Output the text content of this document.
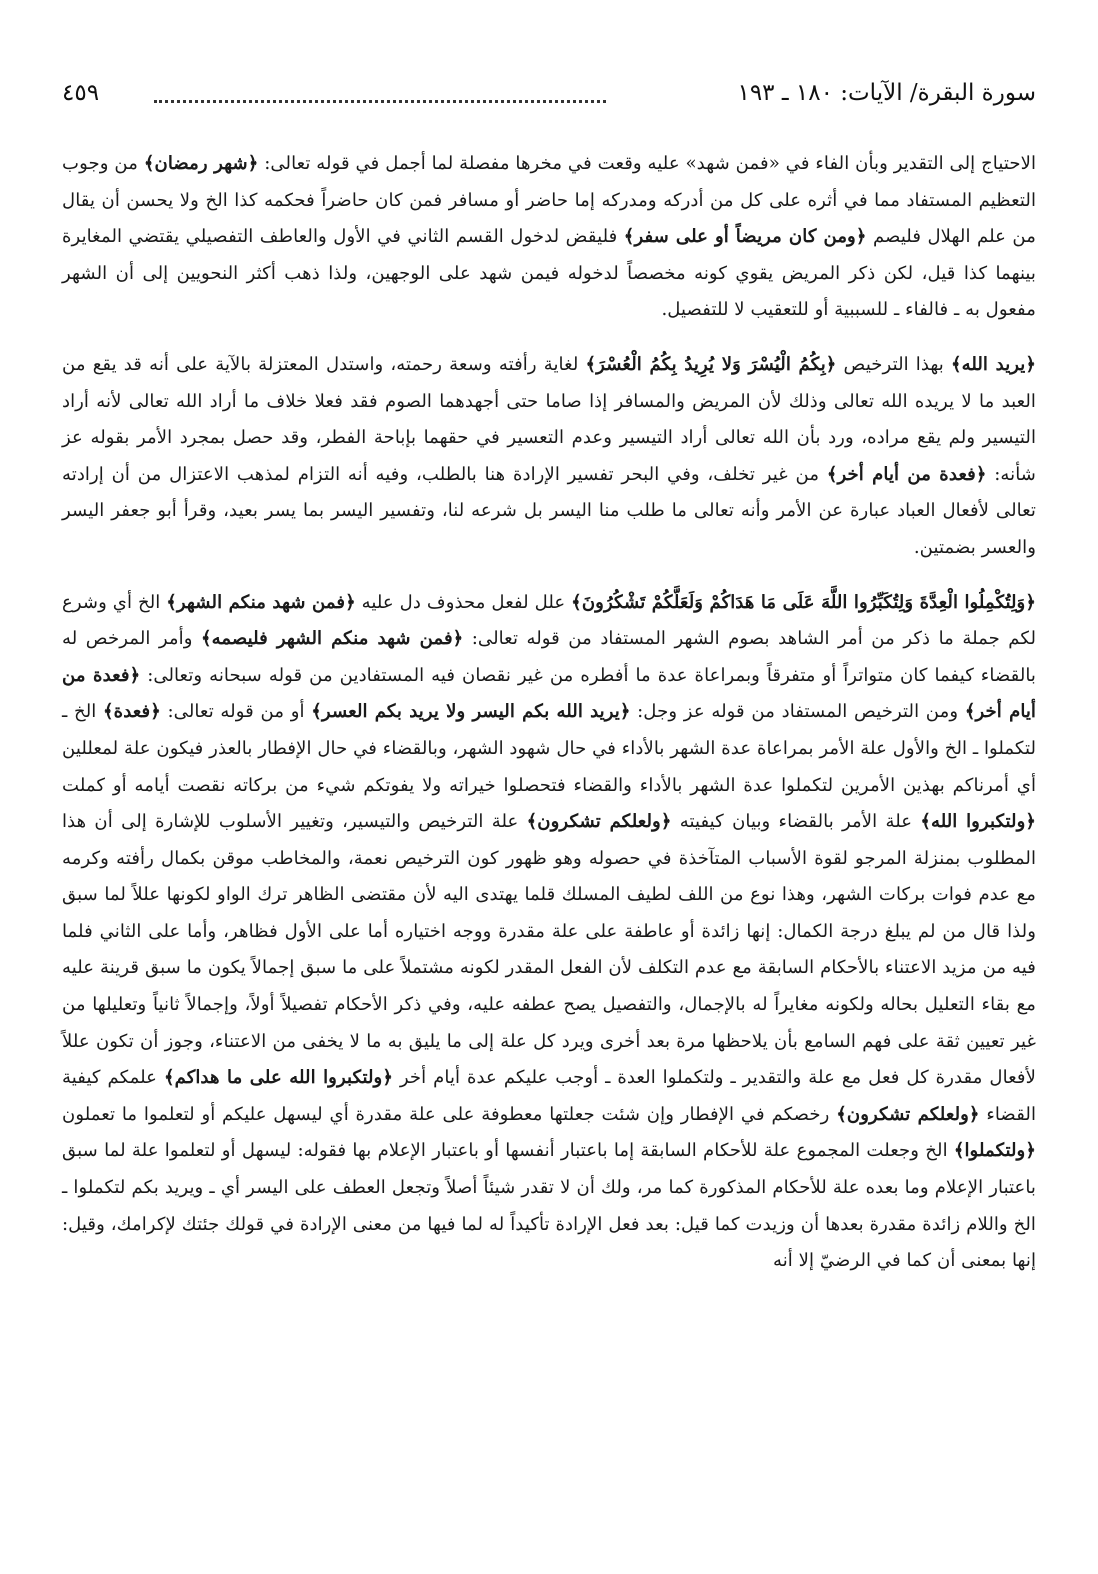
سورة البقرة/ الآيات: ١٨٠ ـ ١٩٣
٤٥٩

الاحتياج إلى التقدير وبأن الفاء في «فمن شهد» عليه وقعت في مخرها مفصلة لما أجمل في قوله تعالى: ﴿شهر رمضان﴾ من وجوب التعظيم المستفاد مما في أثره على كل من أدركه ومدركه إما حاضر أو مسافر فمن كان حاضراً فحكمه كذا الخ ولا يحسن أن يقال من علم الهلال فليصم ﴿ومن كان مريضاً أو على سفر﴾ فليقض لدخول القسم الثاني في الأول والعاطف التفصيلي يقتضي المغايرة بينهما كذا قيل، لكن ذكر المريض يقوي كونه مخصصاً لدخوله فيمن شهد على الوجهين، ولذا ذهب أكثر النحويين إلى أن الشهر مفعول به ـ فالفاء ـ للسببية أو للتعقيب لا للتفصيل.

﴿يريد الله﴾ بهذا الترخيص ﴿بِكُمُ الْيُسْرَ وَلا يُرِيدُ بِكُمُ الْعُسْرَ﴾ لغاية رأفته وسعة رحمته، واستدل المعتزلة بالآية على أنه قد يقع من العبد ما لا يريده الله تعالى وذلك لأن المريض والمسافر إذا صاما حتى أجهدهما الصوم فقد فعلا خلاف ما أراد الله تعالى لأنه أراد التيسير ولم يقع مراده، ورد بأن الله تعالى أراد التيسير وعدم التعسير في حقهما بإباحة الفطر، وقد حصل بمجرد الأمر بقوله عز شأنه: ﴿فعدة من أيام أخر﴾ من غير تخلف، وفي البحر تفسير الإرادة هنا بالطلب، وفيه أنه التزام لمذهب الاعتزال من أن إرادته تعالى لأفعال العباد عبارة عن الأمر وأنه تعالى ما طلب منا اليسر بل شرعه لنا، وتفسير اليسر بما يسر بعيد، وقرأ أبو جعفر اليسر والعسر بضمتين.

﴿وَلِتُكْمِلُوا الْعِدَّةَ وَلِتُكَبِّرُوا اللَّهَ عَلَى مَا هَدَاكُمْ وَلَعَلَّكُمْ تَشْكُرُونَ﴾ علل لفعل محذوف دل عليه ﴿فمن شهد منكم الشهر﴾ الخ أي وشرع لكم جملة ما ذكر من أمر الشاهد بصوم الشهر المستفاد من قوله تعالى: ﴿فمن شهد منكم الشهر فليصمه﴾ وأمر المرخص له بالقضاء كيفما كان متواتراً أو متفرقاً وبمراعاة عدة ما أفطره من غير نقصان فيه المستفادين من قوله سبحانه وتعالى: ﴿فعدة من أيام أخر﴾ ومن الترخيص المستفاد من قوله عز وجل: ﴿يريد الله بكم اليسر ولا يريد بكم العسر﴾ أو من قوله تعالى: ﴿فعدة﴾ الخ ـ لتكملوا ـ الخ والأول علة الأمر بمراعاة عدة الشهر بالأداء في حال شهود الشهر، وبالقضاء في حال الإفطار بالعذر فيكون علة لمعللين أي أمرناكم بهذين الأمرين لتكملوا عدة الشهر بالأداء والقضاء فتحصلوا خيراته ولا يفوتكم شيء من بركاته نقصت أيامه أو كملت ﴿ولتكبروا الله﴾ علة الأمر بالقضاء وبيان كيفيته ﴿ولعلكم تشكرون﴾ علة الترخيص والتيسير، وتغيير الأسلوب للإشارة إلى أن هذا المطلوب بمنزلة المرجو لقوة الأسباب المتآخذة في حصوله وهو ظهور كون الترخيص نعمة، والمخاطب موقن بكمال رأفته وكرمه مع عدم فوات بركات الشهر، وهذا نوع من اللف لطيف المسلك قلما يهتدى اليه لأن مقتضى الظاهر ترك الواو لكونها عللاً لما سبق ولذا قال من لم يبلغ درجة الكمال: إنها زائدة أو عاطفة على علة مقدرة ووجه اختياره أما على الأول فظاهر، وأما على الثاني فلما فيه من مزيد الاعتناء بالأحكام السابقة مع عدم التكلف لأن الفعل المقدر لكونه مشتملاً على ما سبق إجمالاً يكون ما سبق قرينة عليه مع بقاء التعليل بحاله ولكونه مغايراً له بالإجمال، والتفصيل يصح عطفه عليه، وفي ذكر الأحكام تفصيلاً أولاً، وإجمالاً ثانياً وتعليلها من غير تعيين ثقة على فهم السامع بأن يلاحظها مرة بعد أخرى ويرد كل علة إلى ما يليق به ما لا يخفى من الاعتناء، وجوز أن تكون عللاً لأفعال مقدرة كل فعل مع علة والتقدير ـ ولتكملوا العدة ـ أوجب عليكم عدة أيام أخر ﴿ولتكبروا الله على ما هداكم﴾ علمكم كيفية القضاء ﴿ولعلكم تشكرون﴾ رخصكم في الإفطار وإن شئت جعلتها معطوفة على علة مقدرة أي ليسهل عليكم أو لتعلموا ما تعملون ﴿ولتكملوا﴾ الخ وجعلت المجموع علة للأحكام السابقة إما باعتبار أنفسها أو باعتبار الإعلام بها فقوله: ليسهل أو لتعلموا علة لما سبق باعتبار الإعلام وما بعده علة للأحكام المذكورة كما مر، ولك أن لا تقدر شيئاً أصلاً وتجعل العطف على اليسر أي ـ ويريد بكم لتكملوا ـ الخ واللام زائدة مقدرة بعدها أن وزيدت كما قيل: بعد فعل الإرادة تأكيداً له لما فيها من معنى الإرادة في قولك جئتك لإكرامك، وقيل: إنها بمعنى أن كما في الرضيّ إلا أنه
